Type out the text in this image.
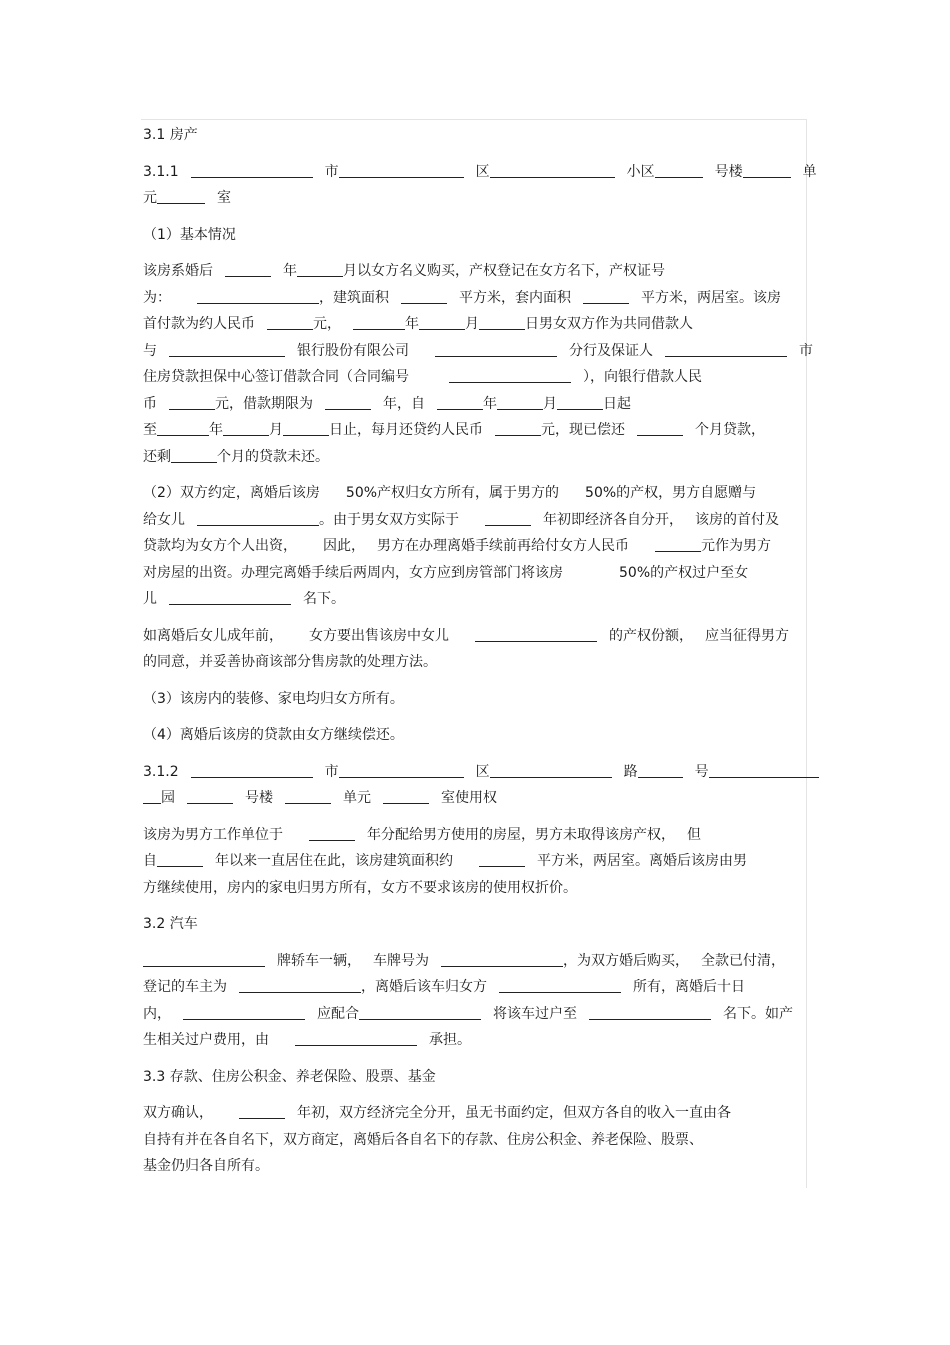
3.1 房产
3.1.1	市	区	小区	号楼	单
元	室
（1）基本情况
该房系婚后	年	月以女方名义购买，产权登记在女方名下，产权证号
为：	，建筑面积	平方米，套内面积	平方米，两居室。该房
首付款为约人民币	元，	年	月	日男女双方作为共同借款人
与	银行股份有限公司	分行及保证人	市
住房贷款担保中心签订借款合同（合同编号	），向银行借款人民
币	元，借款期限为	年，自	年	月	日起
至	年	月	日止，每月还贷约人民币	元，现已偿还	个月贷款，
还剩	个月的贷款未还。
（2）双方约定，离婚后该房 50%产权归女方所有，属于男方的 50%的产权，男方自愿赠与
给女儿	。由于男女双方实际于	年初即经济各自分开， 该房的首付及
贷款均为女方个人出资， 因此， 男方在办理离婚手续前再给付女方人民币	元作为男方
对房屋的出资。办理完离婚手续后两周内，女方应到房管部门将该房	50%的产权过户至女
儿	名下。
如离婚后女儿成年前， 女方要出售该房中女儿	的产权份额， 应当征得男方
的同意，并妥善协商该部分售房款的处理方法。
（3）该房内的装修、家电均归女方所有。
（4）离婚后该房的贷款由女方继续偿还。
3.1.2	市	区	路	号
园	号楼	单元	室使用权
该房为男方工作单位于	年分配给男方使用的房屋，男方未取得该房产权， 但
自	年以来一直居住在此，该房建筑面积约	平方米，两居室。离婚后该房由男
方继续使用，房内的家电归男方所有，女方不要求该房的使用权折价。
3.2 汽车
牌轿车一辆， 车牌号为	，为双方婚后购买， 全款已付清，
登记的车主为	，离婚后该车归女方	所有，离婚后十日
内，	应配合	将该车过户至	名下。如产
生相关过户费用，由	承担。
3.3 存款、住房公积金、养老保险、股票、基金
双方确认，	年初，双方经济完全分开，虽无书面约定，但双方各自的收入一直由各
自持有并在各自名下，双方商定，离婚后各自名下的存款、住房公积金、养老保险、股票、
基金仍归各自所有。
